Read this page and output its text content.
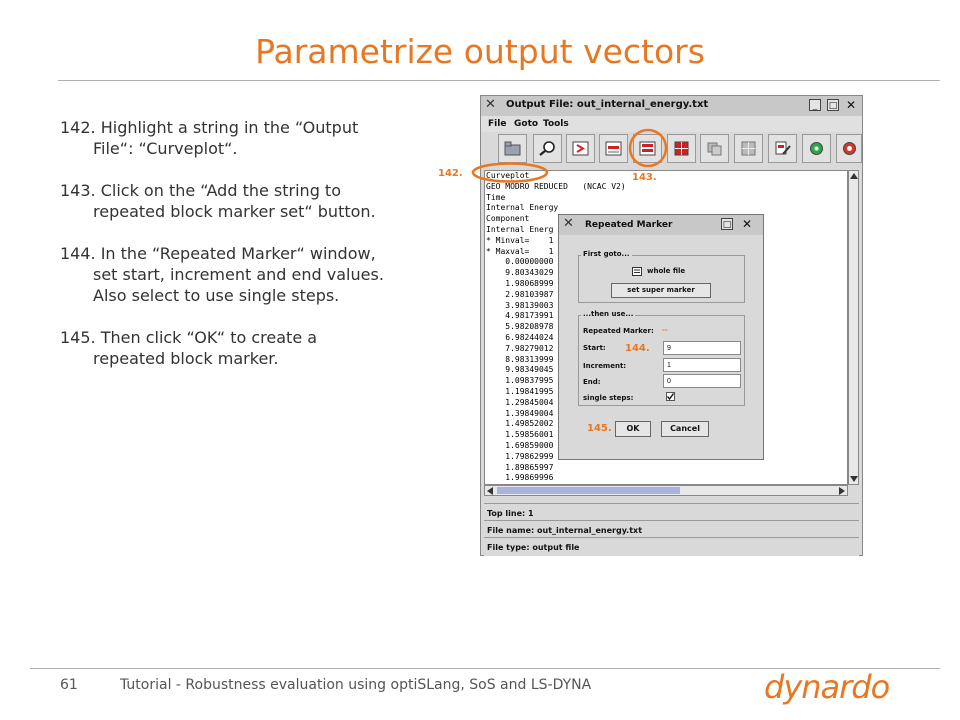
Parametrize output vectors
142. Highlight a string in the “Output File“: “Curveplot“.
143. Click on the “Add the string to repeated block marker set“ button.
144. In the “Repeated Marker“ window, set start, increment and end values. Also select to use single steps.
145. Then click “OK“ to create a repeated block marker.
✕ Output File: out_internal_energy.txt	_	□ ✕
File Goto Tools
Curveplot
GEO MODRO REDUCED   (NCAC V2)
Time
Internal Energy
Component
Internal Energ
* Minval=    1
* Maxval=    1
0.00000000
9.80343029
1.98068999
2.98103987
3.98139003
4.98173991
5.98208978
6.98244024
7.98279012
8.98313999
9.98349045
1.09837995
1.19841995
1.29845004
1.39849004
1.49852002
1.59856001
1.69859000
1.79862999
1.89865997
1.99869996
Top line: 1
File name: out_internal_energy.txt
File type: output file
✕ Repeated Marker	□ ✕
First goto...
whole file
set super marker
...then use...
Repeated Marker: --
Start:
9
Increment:
1
End:
0
single steps:
OK	Cancel
142.	143.
144.
145.
61	Tutorial - Robustness evaluation using optiSLang, SoS and LS-DYNA	dynardo
